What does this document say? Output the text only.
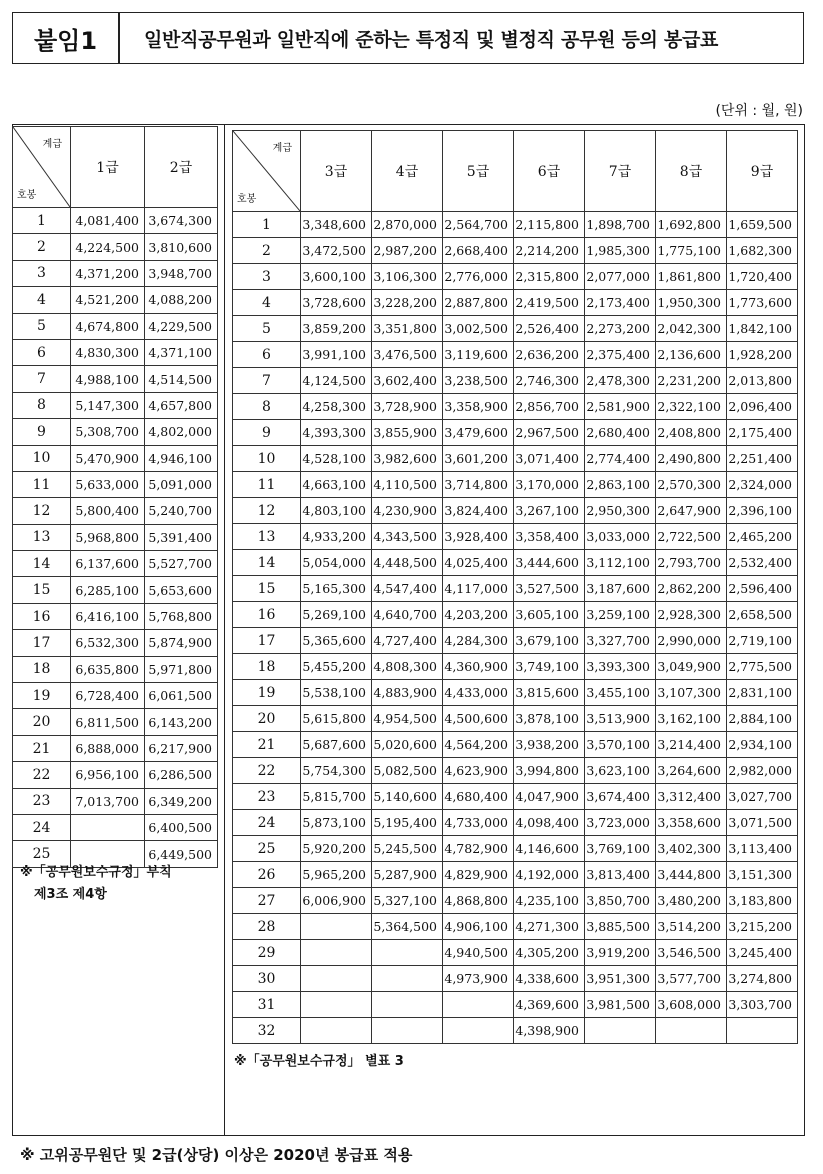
붙임1	일반직공무원과 일반직에 준하는 특정직 및 별정직 공무원 등의 봉급표
(단위 : 월, 원)
계급
호봉	1급	2급
1	4,081,400	3,674,300
2	4,224,500	3,810,600
3	4,371,200	3,948,700
4	4,521,200	4,088,200
5	4,674,800	4,229,500
6	4,830,300	4,371,100
7	4,988,100	4,514,500
8	5,147,300	4,657,800
9	5,308,700	4,802,000
10	5,470,900	4,946,100
11	5,633,000	5,091,000
12	5,800,400	5,240,700
13	5,968,800	5,391,400
14	6,137,600	5,527,700
15	6,285,100	5,653,600
16	6,416,100	5,768,800
17	6,532,300	5,874,900
18	6,635,800	5,971,800
19	6,728,400	6,061,500
20	6,811,500	6,143,200
21	6,888,000	6,217,900
22	6,956,100	6,286,500
23	7,013,700	6,349,200
24		6,400,500
25		6,449,500
※「공무원보수규정」부칙
제3조 제4항
계급
호봉	3급	4급	5급	6급	7급	8급	9급
1	3,348,600	2,870,000	2,564,700	2,115,800	1,898,700	1,692,800	1,659,500
2	3,472,500	2,987,200	2,668,400	2,214,200	1,985,300	1,775,100	1,682,300
3	3,600,100	3,106,300	2,776,000	2,315,800	2,077,000	1,861,800	1,720,400
4	3,728,600	3,228,200	2,887,800	2,419,500	2,173,400	1,950,300	1,773,600
5	3,859,200	3,351,800	3,002,500	2,526,400	2,273,200	2,042,300	1,842,100
6	3,991,100	3,476,500	3,119,600	2,636,200	2,375,400	2,136,600	1,928,200
7	4,124,500	3,602,400	3,238,500	2,746,300	2,478,300	2,231,200	2,013,800
8	4,258,300	3,728,900	3,358,900	2,856,700	2,581,900	2,322,100	2,096,400
9	4,393,300	3,855,900	3,479,600	2,967,500	2,680,400	2,408,800	2,175,400
10	4,528,100	3,982,600	3,601,200	3,071,400	2,774,400	2,490,800	2,251,400
11	4,663,100	4,110,500	3,714,800	3,170,000	2,863,100	2,570,300	2,324,000
12	4,803,100	4,230,900	3,824,400	3,267,100	2,950,300	2,647,900	2,396,100
13	4,933,200	4,343,500	3,928,400	3,358,400	3,033,000	2,722,500	2,465,200
14	5,054,000	4,448,500	4,025,400	3,444,600	3,112,100	2,793,700	2,532,400
15	5,165,300	4,547,400	4,117,000	3,527,500	3,187,600	2,862,200	2,596,400
16	5,269,100	4,640,700	4,203,200	3,605,100	3,259,100	2,928,300	2,658,500
17	5,365,600	4,727,400	4,284,300	3,679,100	3,327,700	2,990,000	2,719,100
18	5,455,200	4,808,300	4,360,900	3,749,100	3,393,300	3,049,900	2,775,500
19	5,538,100	4,883,900	4,433,000	3,815,600	3,455,100	3,107,300	2,831,100
20	5,615,800	4,954,500	4,500,600	3,878,100	3,513,900	3,162,100	2,884,100
21	5,687,600	5,020,600	4,564,200	3,938,200	3,570,100	3,214,400	2,934,100
22	5,754,300	5,082,500	4,623,900	3,994,800	3,623,100	3,264,600	2,982,000
23	5,815,700	5,140,600	4,680,400	4,047,900	3,674,400	3,312,400	3,027,700
24	5,873,100	5,195,400	4,733,000	4,098,400	3,723,000	3,358,600	3,071,500
25	5,920,200	5,245,500	4,782,900	4,146,600	3,769,100	3,402,300	3,113,400
26	5,965,200	5,287,900	4,829,900	4,192,000	3,813,400	3,444,800	3,151,300
27	6,006,900	5,327,100	4,868,800	4,235,100	3,850,700	3,480,200	3,183,800
28		5,364,500	4,906,100	4,271,300	3,885,500	3,514,200	3,215,200
29			4,940,500	4,305,200	3,919,200	3,546,500	3,245,400
30			4,973,900	4,338,600	3,951,300	3,577,700	3,274,800
31				4,369,600	3,981,500	3,608,000	3,303,700
32				4,398,900			
※「공무원보수규정」 별표 3
※ 고위공무원단 및 2급(상당) 이상은 2020년 봉급표 적용
